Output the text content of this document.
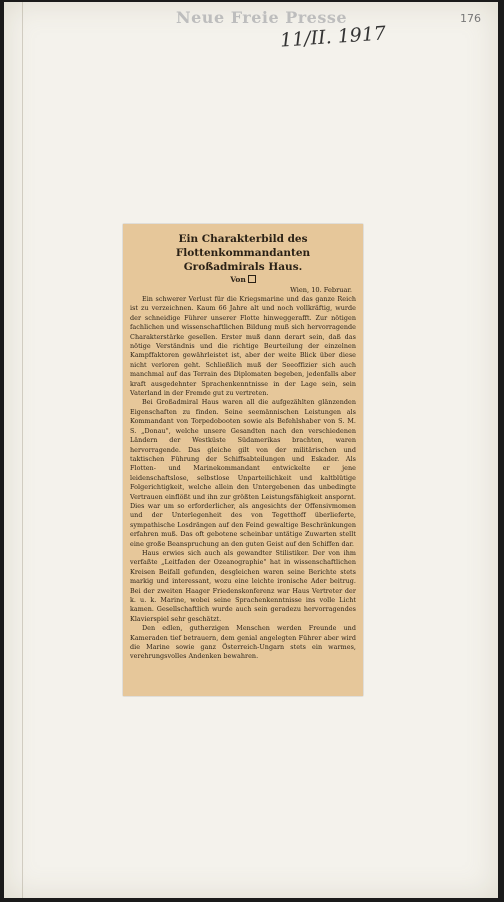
Neue Freie Presse
11/II. 1917
176
Ein Charakterbild des Flottenkommandanten
Großadmirals Haus.
Von
Wien, 10. Februar.

Ein schwerer Verlust für die Kriegsmarine und das ganze Reich ist zu verzeichnen. Kaum 66 Jahre alt und noch vollkräftig, wurde der schneidige Führer unserer Flotte hinweggerafft. Zur nötigen fachlichen und wissenschaftlichen Bildung muß sich hervorragende Charakterstärke gesellen. Erster muß dann derart sein, daß das nötige Verständnis und die richtige Beurteilung der einzelnen Kampffaktoren gewährleistet ist, aber der weite Blick über diese nicht verloren geht. Schließlich muß der Seeoffizier sich auch manchmal auf das Terrain des Diplomaten begeben, jedenfalls aber kraft ausgedehnter Sprachenkenntnisse in der Lage sein, sein Vaterland in der Fremde gut zu vertreten.

Bei Großadmiral Haus waren all die aufgezählten glänzenden Eigenschaften zu finden. Seine seemännischen Leistungen als Kommandant von Torpedobooten sowie als Befehlshaber von S. M. S. „Donau", welche unsere Gesandten nach den verschiedenen Ländern der Westküste Südamerikas brachten, waren hervorragende. Das gleiche gilt von der militärischen und taktischen Führung der Schiffsabteilungen und Eskader. Als Flotten- und Marinekommandant entwickelte er jene leidenschaftslose, selbstlose Unparteilichkeit und kaltblütige Folgerichtigkeit, welche allein den Untergebenen das unbedingte Vertrauen einflößt und ihn zur größten Leistungsfähigkeit anspornt. Dies war um so erforderlicher, als angesichts der Offensivmomen und der Unterlegenheit des von Tegetthoff überlieferte, sympathische Losdrängen auf den Feind gewaltige Beschränkungen erfahren muß. Das oft gebotene scheinbar untätige Zuwarten stellt eine große Beanspruchung an den guten Geist auf den Schiffen dar.

Haus erwies sich auch als gewandter Stilistiker. Der von ihm verfaßte „Leitfaden der Ozeanographie" hat in wissenschaftlichen Kreisen Beifall gefunden, desgleichen waren seine Berichte stets markig und interessant, wozu eine leichte ironische Ader beitrug. Bei der zweiten Haager Friedenskonferenz war Haus Vertreter der k. u. k. Marine, wobei seine Sprachenkenntnisse ins volle Licht kamen. Gesellschaftlich wurde auch sein geradezu hervorragendes Klavierspiel sehr geschätzt.

Den edlen, gutherzigen Menschen werden Freunde und Kameraden tief betrauern, dem genial angelegten Führer aber wird die Marine sowie ganz Österreich-Ungarn stets ein warmes, verehrungsvolles Andenken bewahren.
